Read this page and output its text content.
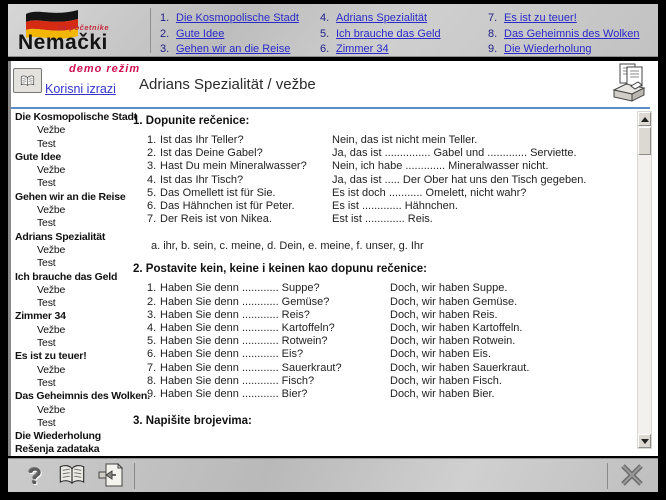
za početnike
Nemački
1. Die Kosmopolische Stadt
2. Gute Idee
3. Gehen wir an die Reise
4. Adrians Spezialität
5. Ich brauche das Geld
6. Zimmer 34
7. Es ist zu teuer!
8. Das Geheimnis des Wolken
9. Die Wiederholung
Korisni izrazi
demo režim
Adrians Spezialität / vežbe
Die Kosmopolische Stadt
Vežbe
Test
Gute Idee
Vežbe
Test
Gehen wir an die Reise
Vežbe
Test
Adrians Spezialität
Vežbe
Test
Ich brauche das Geld
Vežbe
Test
Zimmer 34
Vežbe
Test
Es ist zu teuer!
Vežbe
Test
Das Geheimnis des Wolken.
Vežbe
Test
Die Wiederholung
Rešenja zadataka
1. Dopunite rečenice:
1. Ist das Ihr Teller?	Nein, das ist nicht mein Teller.
2. Ist das Deine Gabel?	Ja, das ist ............... Gabel und ............. Serviette.
3. Hast Du mein Mineralwasser?	Nein, ich habe ............. Mineralwasser nicht.
4. Ist das Ihr Tisch?	Ja, das ist ..... Der Ober hat uns den Tisch gegeben.
5. Das Omellett ist für Sie.	Es ist doch ........... Omelett, nicht wahr?
6. Das Hähnchen ist für Peter.	Es ist ............. Hähnchen.
7. Der Reis ist von Nikea.	Est ist ............. Reis.
a. ihr, b. sein, c. meine, d. Dein, e. meine, f. unser, g. Ihr
2. Postavite kein, keine i keinen kao dopunu rečenice:
1. Haben Sie denn ............ Suppe?	Doch, wir haben Suppe.
2. Haben Sie denn ............ Gemüse?	Doch, wir haben Gemüse.
3. Haben Sie denn ............ Reis?	Doch, wir haben Reis.
4. Haben Sie denn ............ Kartoffeln?	Doch, wir haben Kartoffeln.
5. Haben Sie denn ............ Rotwein?	Doch, wir haben Rotwein.
6. Haben Sie denn ............ Eis?	Doch, wir haben Eis.
7. Haben Sie denn ............ Sauerkraut?	Doch, wir haben Sauerkraut.
8. Haben Sie denn ............ Fisch?	Doch, wir haben Fisch.
9. Haben Sie denn ............ Bier?	Doch, wir haben Bier.
3. Napišite brojevima:
?
